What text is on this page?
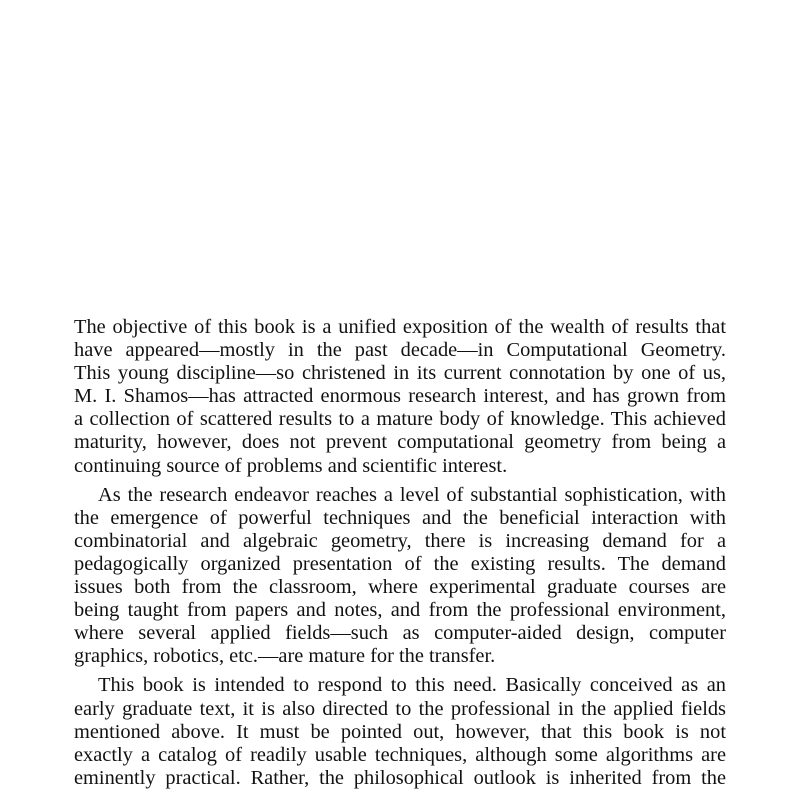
The objective of this book is a unified exposition of the wealth of results that
have appeared—mostly in the past decade—in Computational Geometry.
This young discipline—so christened in its current connotation by one of us,
M. I. Shamos—has attracted enormous research interest, and has grown from
a collection of scattered results to a mature body of knowledge. This achieved
maturity, however, does not prevent computational geometry from being a
continuing source of problems and scientific interest.
As the research endeavor reaches a level of substantial sophistication, with
the emergence of powerful techniques and the beneficial interaction with
combinatorial and algebraic geometry, there is increasing demand for a
pedagogically organized presentation of the existing results. The demand
issues both from the classroom, where experimental graduate courses are
being taught from papers and notes, and from the professional environment,
where several applied fields—such as computer-aided design, computer
graphics, robotics, etc.—are mature for the transfer.
This book is intended to respond to this need. Basically conceived as an
early graduate text, it is also directed to the professional in the applied fields
mentioned above. It must be pointed out, however, that this book is not
exactly a catalog of readily usable techniques, although some algorithms are
eminently practical. Rather, the philosophical outlook is inherited from the
